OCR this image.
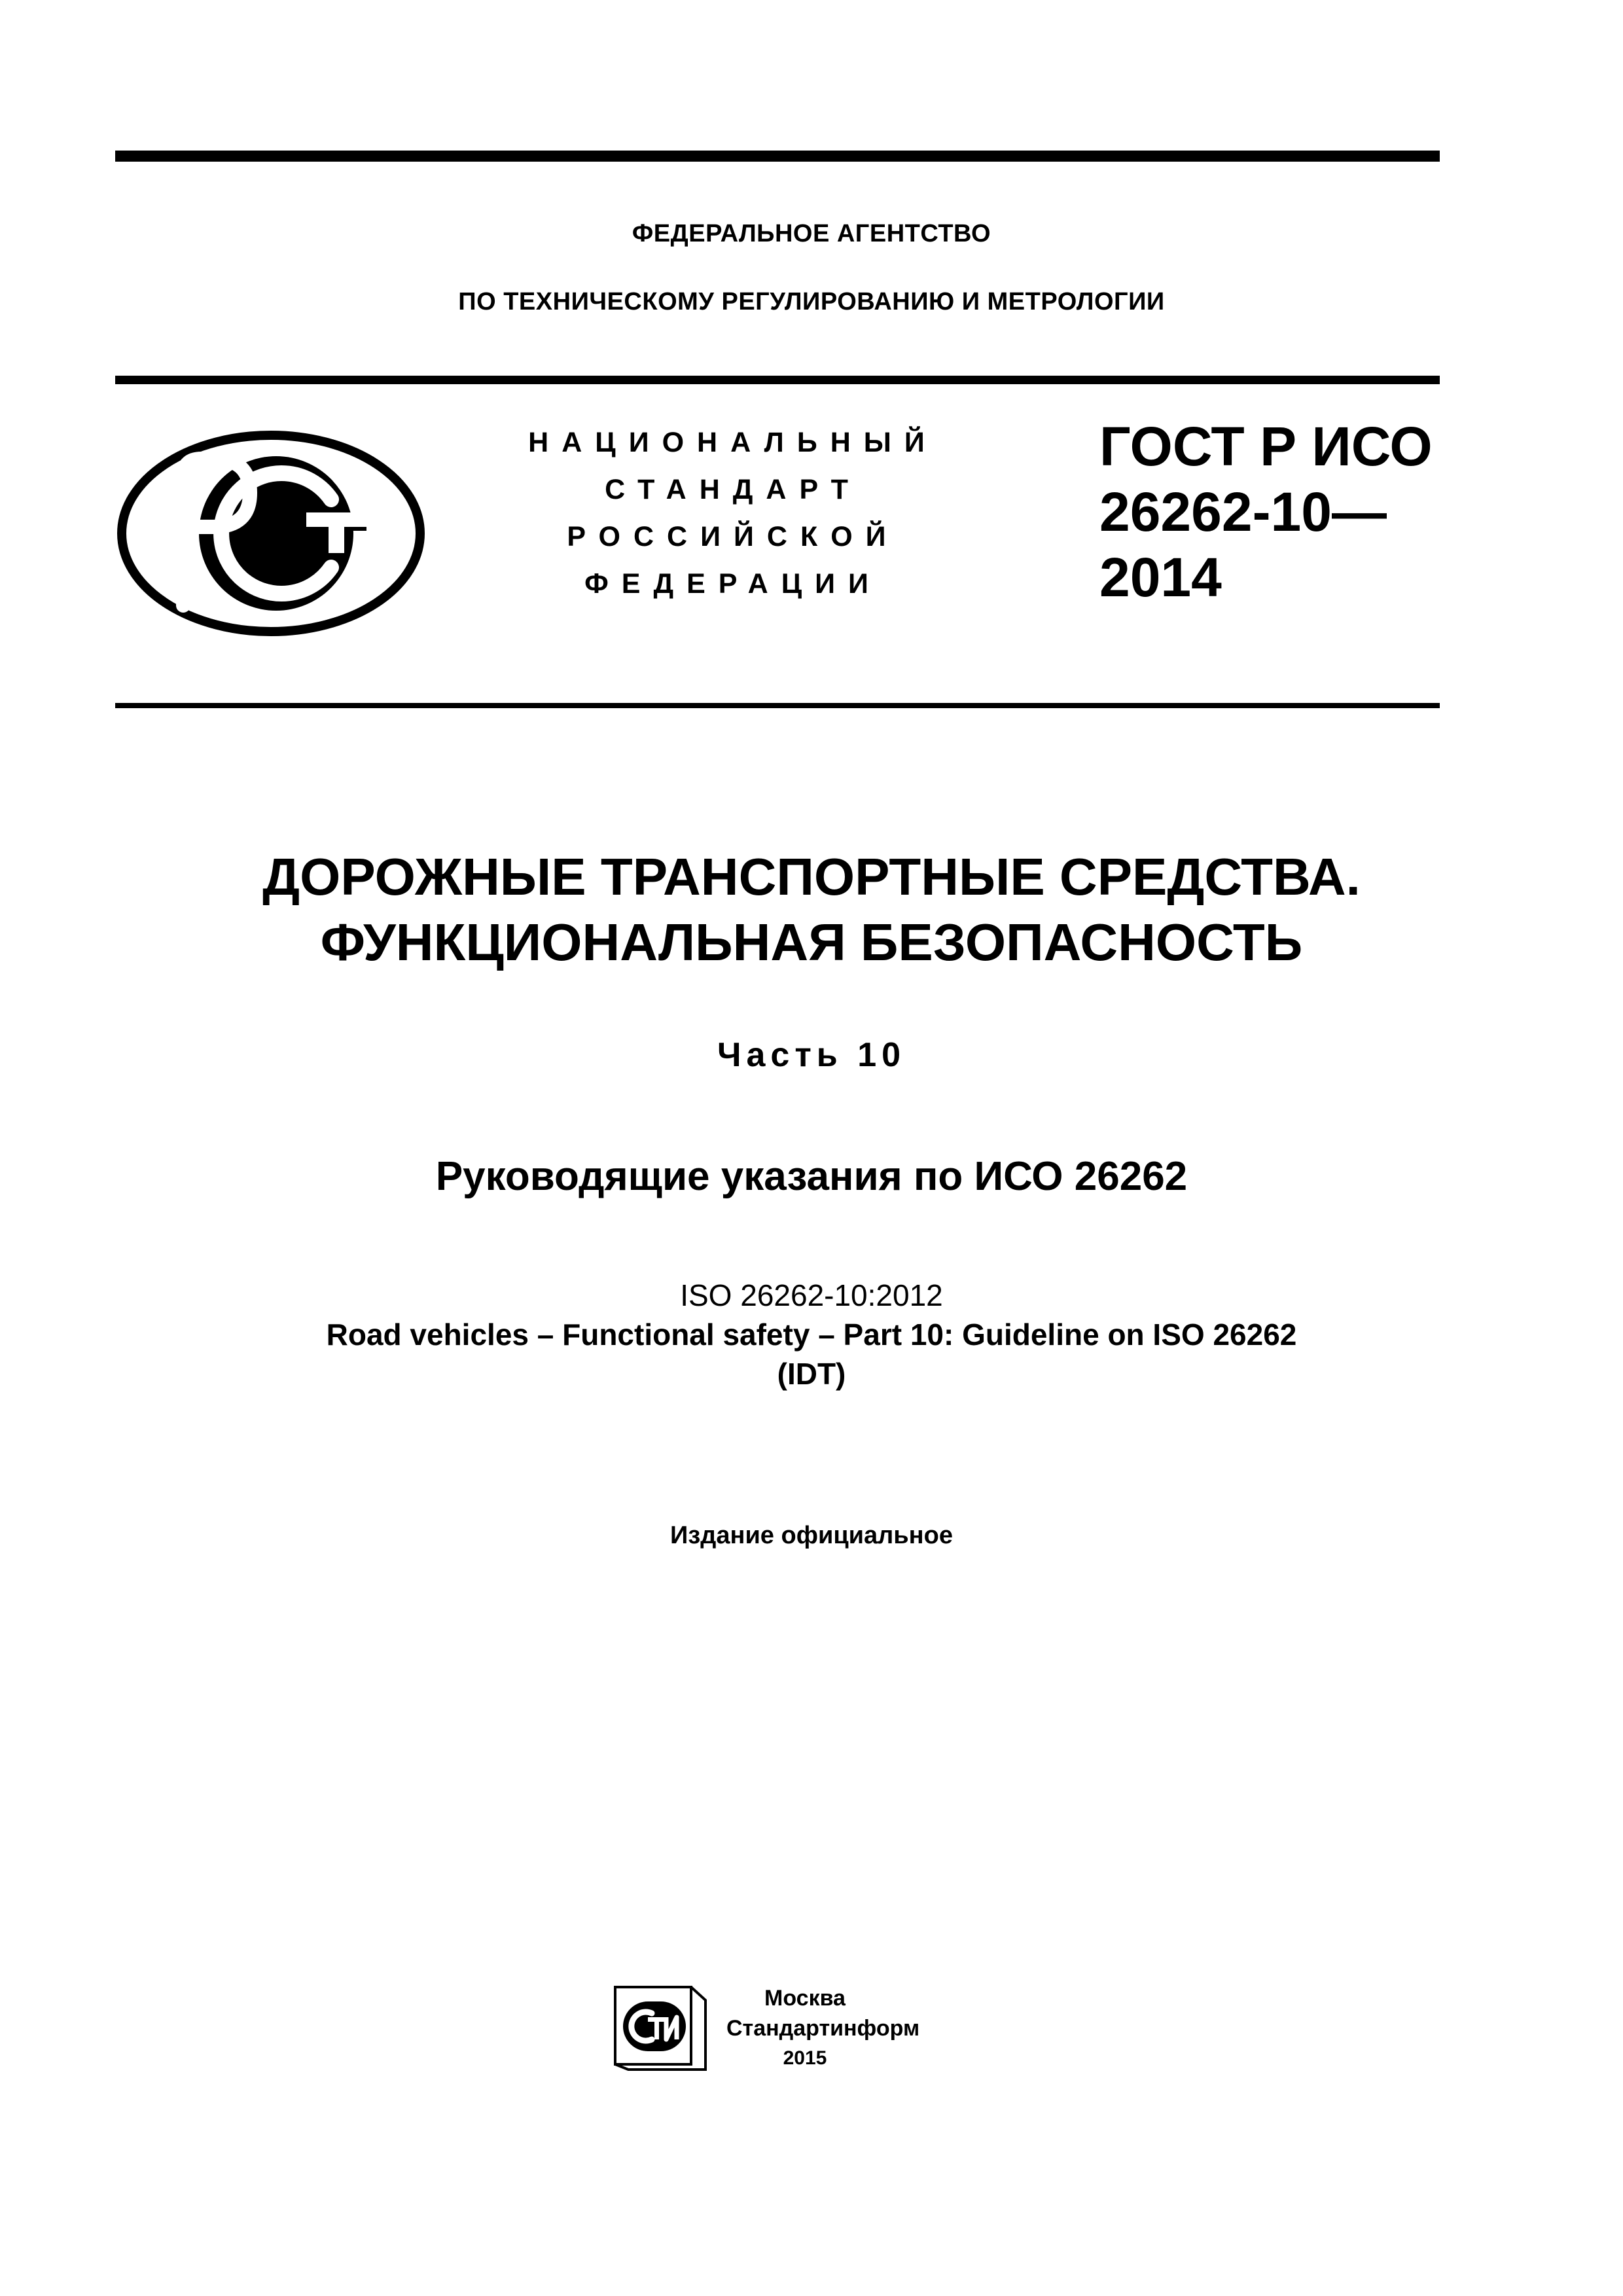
ФЕДЕРАЛЬНОЕ АГЕНТСТВО
ПО ТЕХНИЧЕСКОМУ РЕГУЛИРОВАНИЮ И МЕТРОЛОГИИ
НАЦИОНАЛЬНЫЙ
СТАНДАРТ
РОССИЙСКОЙ
ФЕДЕРАЦИИ
ГОСТ Р ИСО
26262-10—
2014
ДОРОЖНЫЕ ТРАНСПОРТНЫЕ СРЕДСТВА.
ФУНКЦИОНАЛЬНАЯ БЕЗОПАСНОСТЬ
Часть 10
Руководящие указания по ИСО 26262
ISO 26262-10:2012
Road vehicles – Functional safety – Part 10: Guideline on ISO 26262
(IDT)
Издание официальное
Москва
Стандартинформ
2015
